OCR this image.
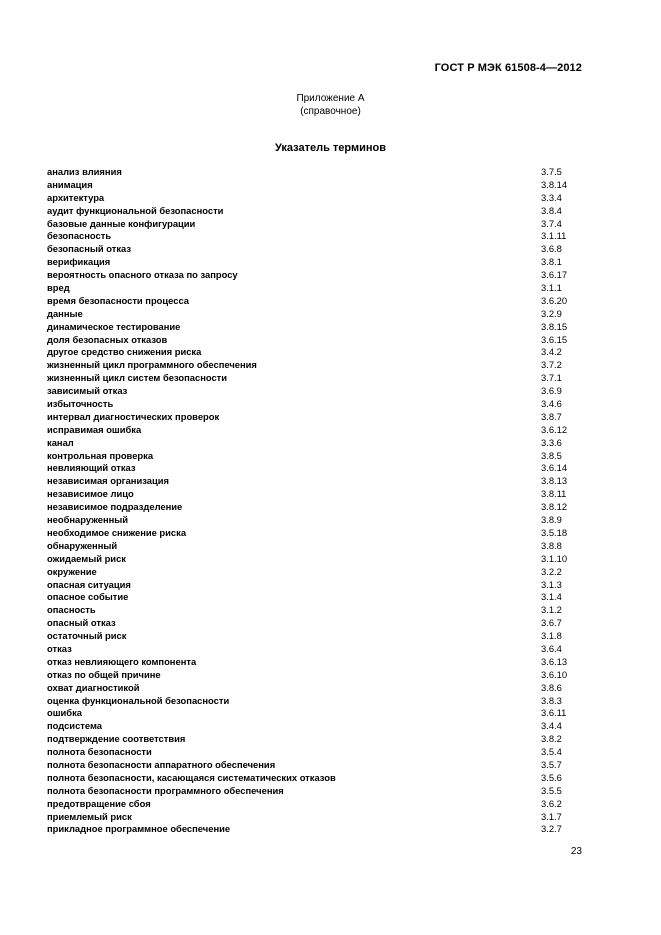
ГОСТ Р МЭК 61508-4—2012
Приложение А
(справочное)
Указатель терминов
анализ влияния	3.7.5
анимация	3.8.14
архитектура	3.3.4
аудит функциональной безопасности	3.8.4
базовые данные конфигурации	3.7.4
безопасность	3.1.11
безопасный отказ	3.6.8
верификация	3.8.1
вероятность опасного отказа по запросу	3.6.17
вред	3.1.1
время безопасности процесса	3.6.20
данные	3.2.9
динамическое тестирование	3.8.15
доля безопасных отказов	3.6.15
другое средство снижения риска	3.4.2
жизненный цикл программного обеспечения	3.7.2
жизненный цикл систем безопасности	3.7.1
зависимый отказ	3.6.9
избыточность	3.4.6
интервал диагностических проверок	3.8.7
исправимая ошибка	3.6.12
канал	3.3.6
контрольная проверка	3.8.5
невлияющий отказ	3.6.14
независимая организация	3.8.13
независимое лицо	3.8.11
независимое подразделение	3.8.12
необнаруженный	3.8.9
необходимое снижение риска	3.5.18
обнаруженный	3.8.8
ожидаемый риск	3.1.10
окружение	3.2.2
опасная ситуация	3.1.3
опасное событие	3.1.4
опасность	3.1.2
опасный отказ	3.6.7
остаточный риск	3.1.8
отказ	3.6.4
отказ невлияющего компонента	3.6.13
отказ по общей причине	3.6.10
охват диагностикой	3.8.6
оценка функциональной безопасности	3.8.3
ошибка	3.6.11
подсистема	3.4.4
подтверждение соответствия	3.8.2
полнота безопасности	3.5.4
полнота безопасности аппаратного обеспечения	3.5.7
полнота безопасности, касающаяся систематических отказов	3.5.6
полнота безопасности программного обеспечения	3.5.5
предотвращение сбоя	3.6.2
приемлемый риск	3.1.7
прикладное программное обеспечение	3.2.7
23
